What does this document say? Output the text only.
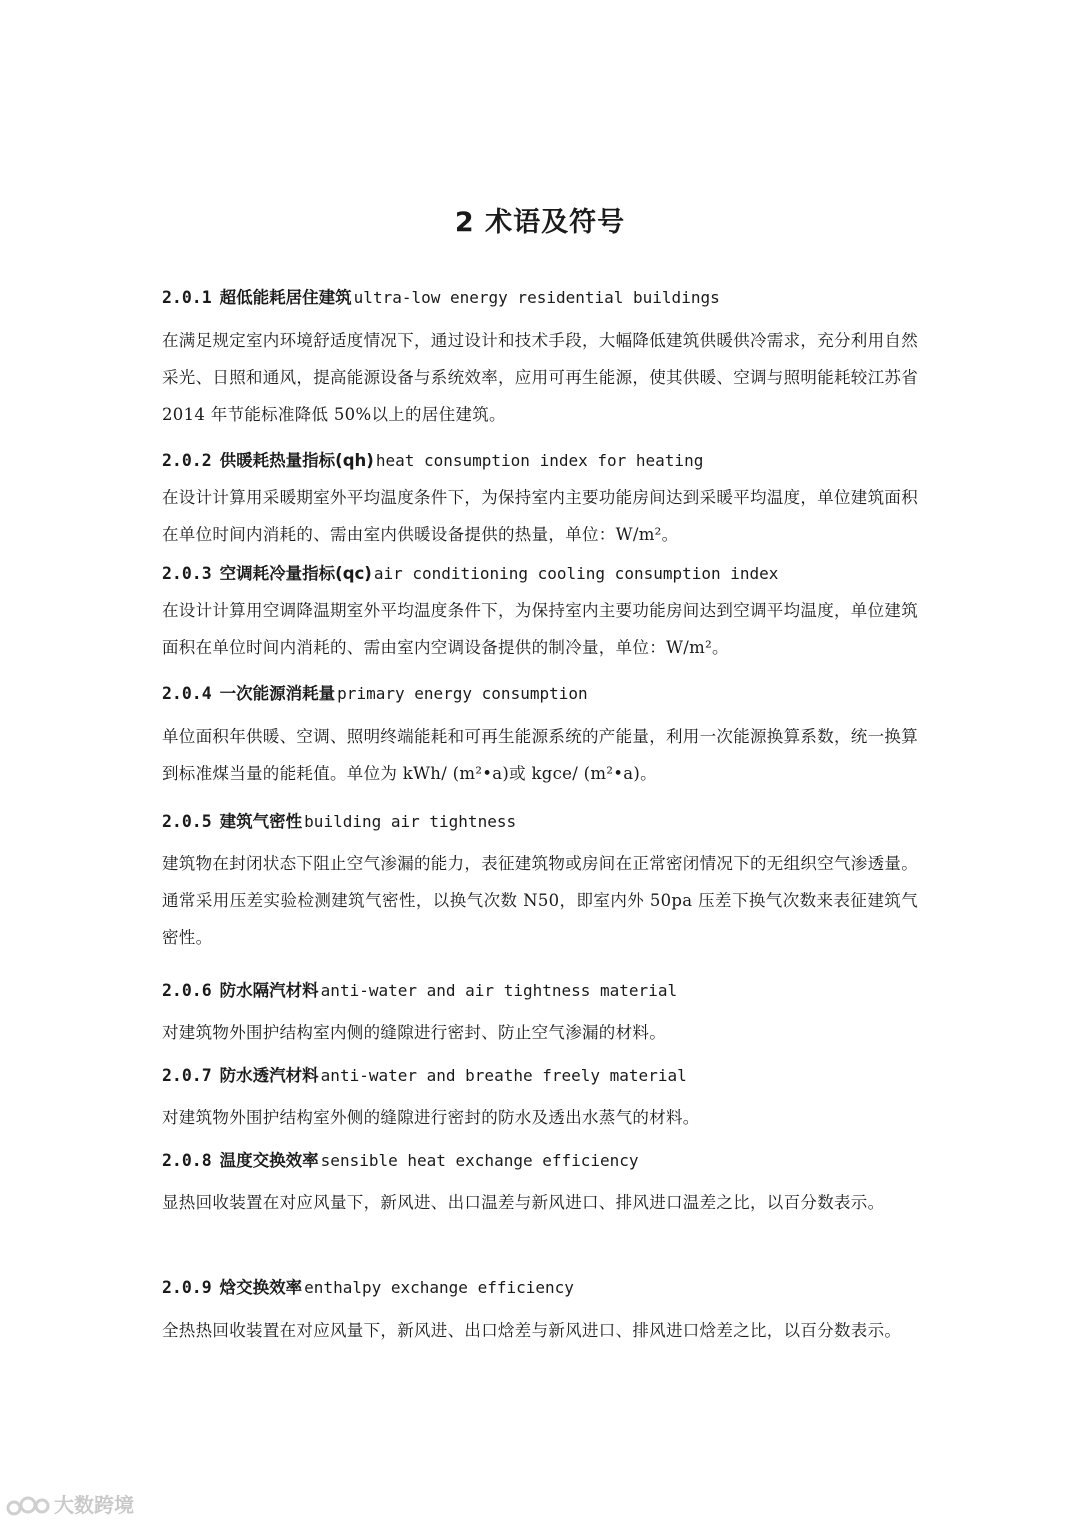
2 术语及符号
2.0.1 超低能耗居住建筑 ultra-low energy residential buildings

在满足规定室内环境舒适度情况下，通过设计和技术手段，大幅降低建筑供暖供冷需求，充分利用自然采光、日照和通风，提高能源设备与系统效率，应用可再生能源，使其供暖、空调与照明能耗较江苏省 2014 年节能标准降低 50%以上的居住建筑。

2.0.2 供暖耗热量指标(qh) heat consumption index for heating

在设计计算用采暖期室外平均温度条件下，为保持室内主要功能房间达到采暖平均温度，单位建筑面积在单位时间内消耗的、需由室内供暖设备提供的热量，单位：W/m²。

2.0.3 空调耗冷量指标(qc) air conditioning cooling consumption index

在设计计算用空调降温期室外平均温度条件下，为保持室内主要功能房间达到空调平均温度，单位建筑面积在单位时间内消耗的、需由室内空调设备提供的制冷量，单位：W/m²。

2.0.4 一次能源消耗量 primary energy consumption

单位面积年供暖、空调、照明终端能耗和可再生能源系统的产能量，利用一次能源换算系数，统一换算到标准煤当量的能耗值。单位为 kWh/ (m²•a)或 kgce/ (m²•a)。

2.0.5 建筑气密性 building air tightness

建筑物在封闭状态下阻止空气渗漏的能力，表征建筑物或房间在正常密闭情况下的无组织空气渗透量。通常采用压差实验检测建筑气密性，以换气次数 N50，即室内外 50pa 压差下换气次数来表征建筑气密性。

2.0.6 防水隔汽材料 anti-water and air tightness material

对建筑物外围护结构室内侧的缝隙进行密封、防止空气渗漏的材料。

2.0.7 防水透汽材料 anti-water and breathe freely material

对建筑物外围护结构室外侧的缝隙进行密封的防水及透出水蒸气的材料。

2.0.8 温度交换效率 sensible heat exchange efficiency

显热回收装置在对应风量下，新风进、出口温差与新风进口、排风进口温差之比，以百分数表示。

2.0.9 焓交换效率 enthalpy exchange efficiency

全热热回收装置在对应风量下，新风进、出口焓差与新风进口、排风进口焓差之比，以百分数表示。

大数跨境
